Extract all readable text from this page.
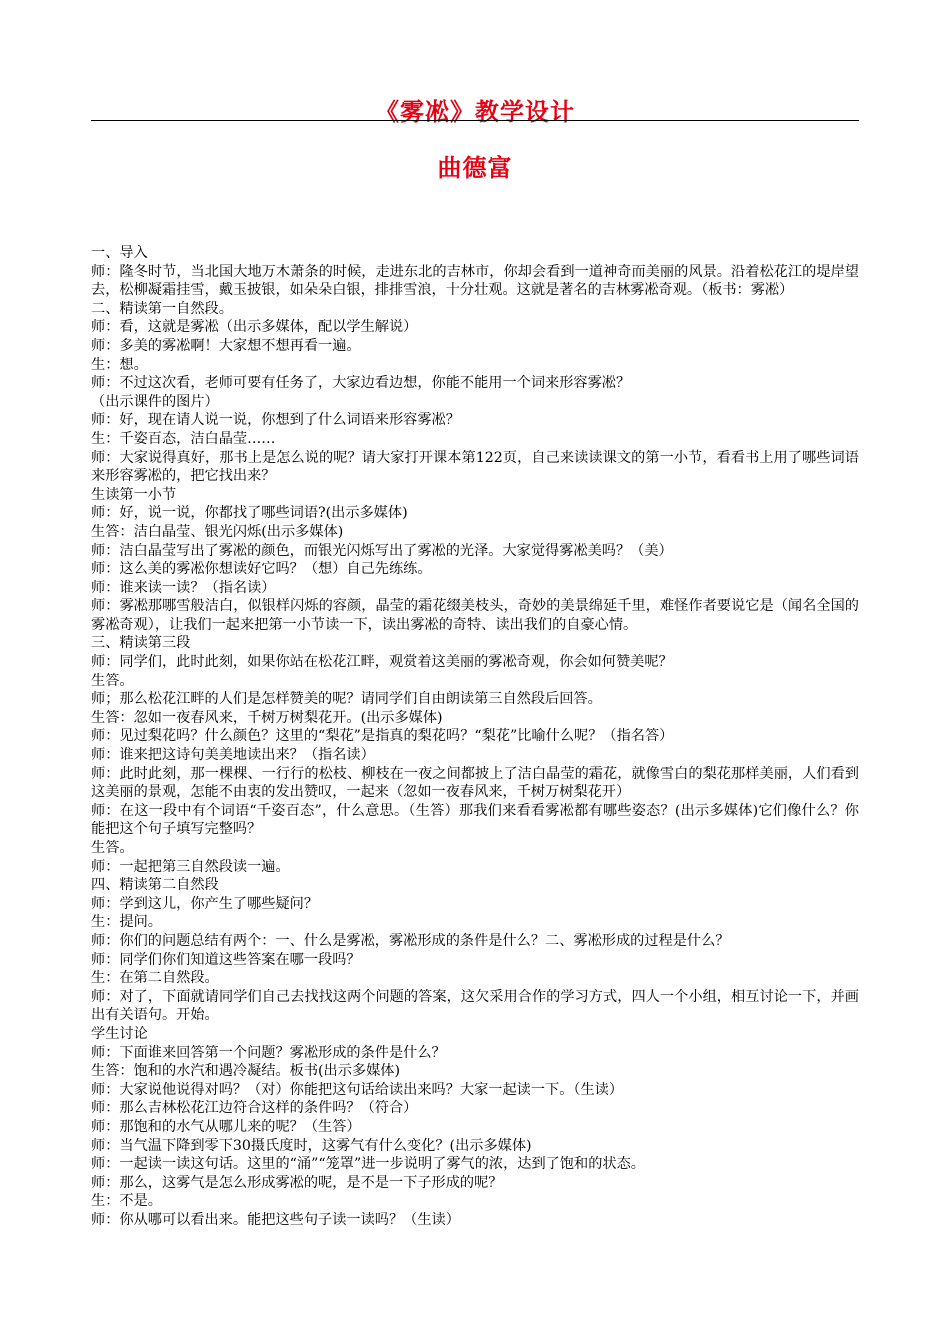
《雾凇》教学设计
曲德富

一、导入

师：隆冬时节，当北国大地万木萧条的时候，走进东北的吉林市，你却会看到一道神奇而美丽的风景。沿着松花江的堤岸望去，松柳凝霜挂雪，戴玉披银，如朵朵白银，排排雪浪，十分壮观。这就是著名的吉林雾凇奇观。（板书：雾凇）

二、精读第一自然段。

师：看，这就是雾凇（出示多媒体，配以学生解说）

师：多美的雾凇啊！大家想不想再看一遍。

生：想。

师：不过这次看，老师可要有任务了，大家边看边想，你能不能用一个词来形容雾凇？

（出示课件的图片）

师：好，现在请人说一说，你想到了什么词语来形容雾凇？

生：千姿百态，洁白晶莹……

师：大家说得真好，那书上是怎么说的呢？请大家打开课本第122页，自己来读读课文的第一小节，看看书上用了哪些词语来形容雾凇的，把它找出来？

生读第一小节

师：好，说一说，你都找了哪些词语?(出示多媒体)

生答：洁白晶莹、银光闪烁(出示多媒体)

师：洁白晶莹写出了雾凇的颜色，而银光闪烁写出了雾凇的光泽。大家觉得雾凇美吗？（美）

师：这么美的雾凇你想读好它吗？（想）自己先练练。

师：谁来读一读？（指名读）

师：雾凇那哪雪般洁白，似银样闪烁的容颜，晶莹的霜花缀美枝头，奇妙的美景绵延千里，难怪作者要说它是（闻名全国的雾凇奇观），让我们一起来把第一小节读一下，读出雾凇的奇特、读出我们的自豪心情。

三、精读第三段

师：同学们，此时此刻，如果你站在松花江畔，观赏着这美丽的雾凇奇观，你会如何赞美呢？

生答。

师；那么松花江畔的人们是怎样赞美的呢？请同学们自由朗读第三自然段后回答。

生答：忽如一夜春风来，千树万树梨花开。(出示多媒体)

师：见过梨花吗？什么颜色？这里的“梨花”是指真的梨花吗？“梨花”比喻什么呢？（指名答）

师：谁来把这诗句美美地读出来？（指名读）

师：此时此刻，那一棵棵、一行行的松枝、柳枝在一夜之间都披上了洁白晶莹的霜花，就像雪白的梨花那样美丽，人们看到这美丽的景观，怎能不由衷的发出赞叹，一起来（忽如一夜春风来，千树万树梨花开）

师：在这一段中有个词语“千姿百态”，什么意思。（生答）那我们来看看雾凇都有哪些姿态？(出示多媒体)它们像什么？你能把这个句子填写完整吗？

生答。

师：一起把第三自然段读一遍。

四、精读第二自然段

师：学到这儿，你产生了哪些疑问？

生：提问。

师：你们的问题总结有两个：一、什么是雾凇，雾凇形成的条件是什么？二、雾凇形成的过程是什么？

师：同学们你们知道这些答案在哪一段吗？

生：在第二自然段。

师：对了，下面就请同学们自己去找找这两个问题的答案，这欠采用合作的学习方式，四人一个小组，相互讨论一下，并画出有关语句。开始。

学生讨论

师：下面谁来回答第一个问题？雾凇形成的条件是什么？

生答：饱和的水汽和遇冷凝结。板书(出示多媒体)

师：大家说他说得对吗？（对）你能把这句话给读出来吗？大家一起读一下。（生读）

师：那么吉林松花江边符合这样的条件吗？（符合）

师：那饱和的水气从哪儿来的呢？（生答）

师：当气温下降到零下30摄氏度时，这雾气有什么变化？(出示多媒体)

师：一起读一读这句话。这里的“涌”“笼罩”进一步说明了雾气的浓，达到了饱和的状态。

师：那么，这雾气是怎么形成雾凇的呢，是不是一下子形成的呢？

生：不是。

师：你从哪可以看出来。能把这些句子读一读吗？（生读）
